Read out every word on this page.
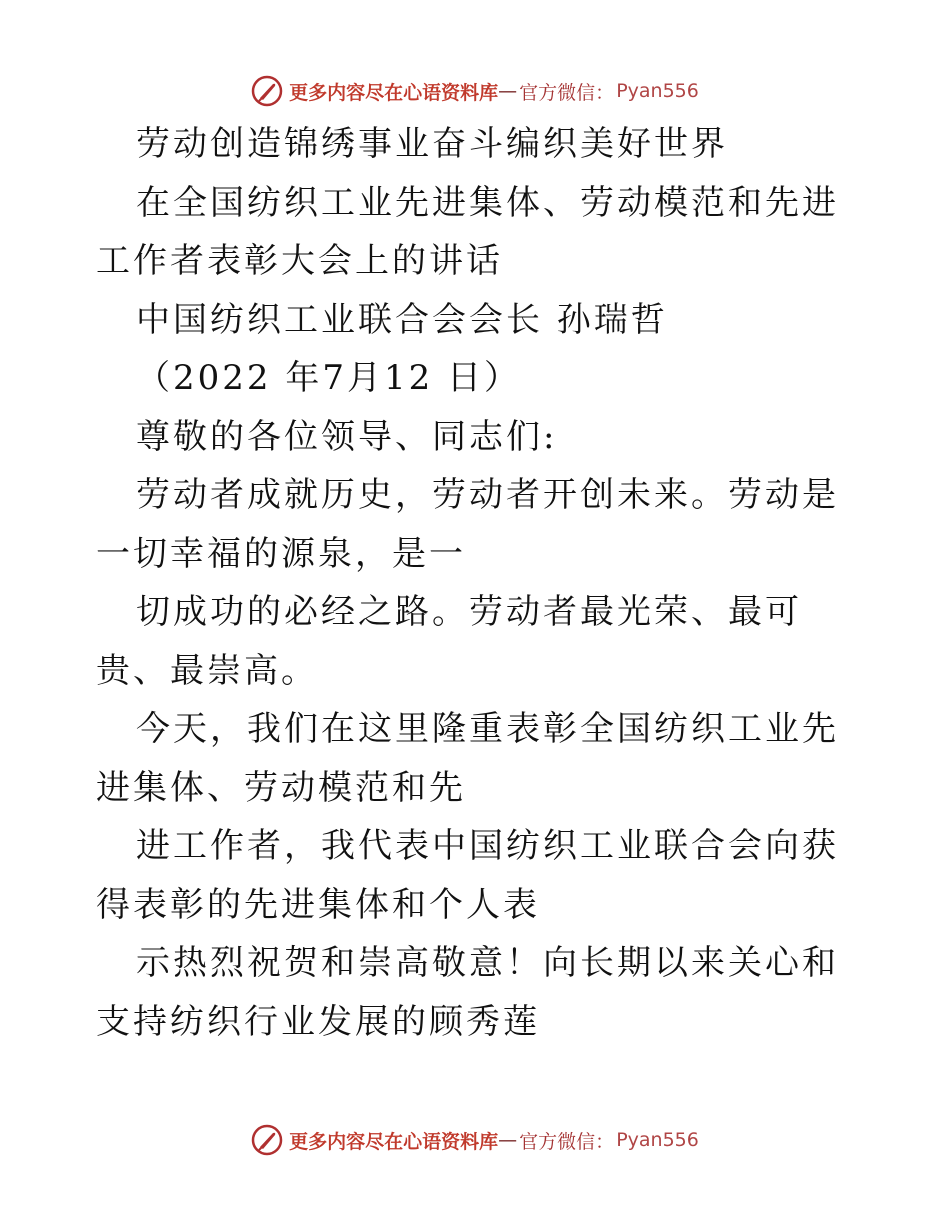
更多内容尽在心语资料库 — 官方微信： Pyan556

劳动创造锦绣事业奋斗编织美好世界

在全国纺织工业先进集体、劳动模范和先进工作者表彰大会上的讲话

中国纺织工业联合会会长 孙瑞哲

（2022 年7月12 日）

尊敬的各位领导、同志们:

劳动者成就历史，劳动者开创未来。劳动是一切幸福的源泉，是一

切成功的必经之路。劳动者最光荣、最可贵、最崇高。

今天，我们在这里隆重表彰全国纺织工业先进集体、劳动模范和先

进工作者，我代表中国纺织工业联合会向获得表彰的先进集体和个人表

示热烈祝贺和崇高敬意！向长期以来关心和支持纺织行业发展的顾秀莲

更多内容尽在心语资料库 — 官方微信： Pyan556
